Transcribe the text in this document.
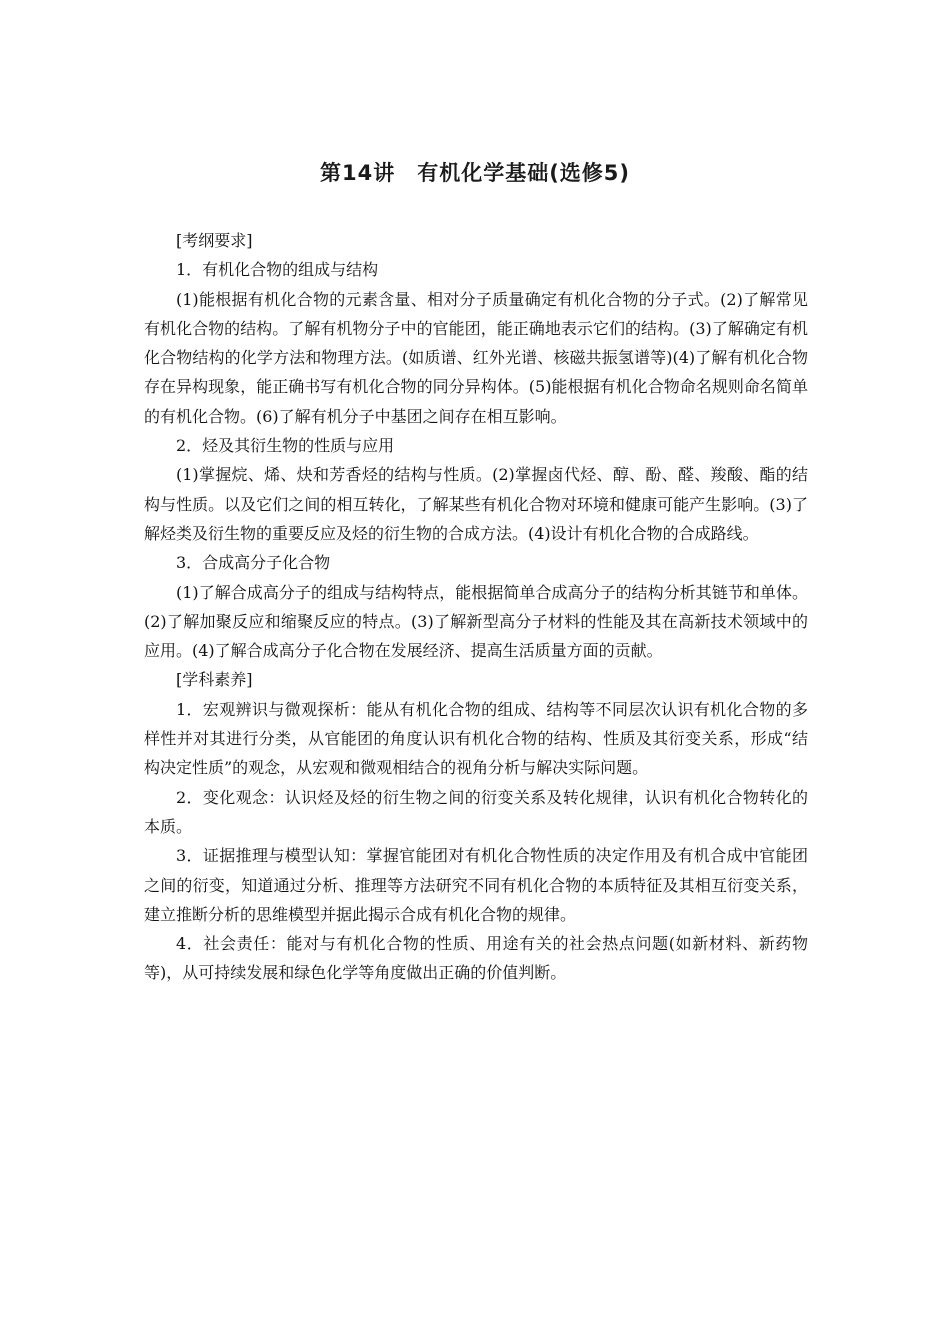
第14讲　有机化学基础(选修5)

[考纲要求]

1．有机化合物的组成与结构

(1)能根据有机化合物的元素含量、相对分子质量确定有机化合物的分子式。(2)了解常见有机化合物的结构。了解有机物分子中的官能团，能正确地表示它们的结构。(3)了解确定有机化合物结构的化学方法和物理方法。(如质谱、红外光谱、核磁共振氢谱等)(4)了解有机化合物存在异构现象，能正确书写有机化合物的同分异构体。(5)能根据有机化合物命名规则命名简单的有机化合物。(6)了解有机分子中基团之间存在相互影响。

2．烃及其衍生物的性质与应用

(1)掌握烷、烯、炔和芳香烃的结构与性质。(2)掌握卤代烃、醇、酚、醛、羧酸、酯的结构与性质。以及它们之间的相互转化，了解某些有机化合物对环境和健康可能产生影响。(3)了解烃类及衍生物的重要反应及烃的衍生物的合成方法。(4)设计有机化合物的合成路线。

3．合成高分子化合物

(1)了解合成高分子的组成与结构特点，能根据简单合成高分子的结构分析其链节和单体。(2)了解加聚反应和缩聚反应的特点。(3)了解新型高分子材料的性能及其在高新技术领域中的应用。(4)了解合成高分子化合物在发展经济、提高生活质量方面的贡献。

[学科素养]

1．宏观辨识与微观探析：能从有机化合物的组成、结构等不同层次认识有机化合物的多样性并对其进行分类，从官能团的角度认识有机化合物的结构、性质及其衍变关系，形成“结构决定性质”的观念，从宏观和微观相结合的视角分析与解决实际问题。

2．变化观念：认识烃及烃的衍生物之间的衍变关系及转化规律，认识有机化合物转化的本质。

3．证据推理与模型认知：掌握官能团对有机化合物性质的决定作用及有机合成中官能团之间的衍变，知道通过分析、推理等方法研究不同有机化合物的本质特征及其相互衍变关系，建立推断分析的思维模型并据此揭示合成有机化合物的规律。

4．社会责任：能对与有机化合物的性质、用途有关的社会热点问题(如新材料、新药物等)，从可持续发展和绿色化学等角度做出正确的价值判断。
